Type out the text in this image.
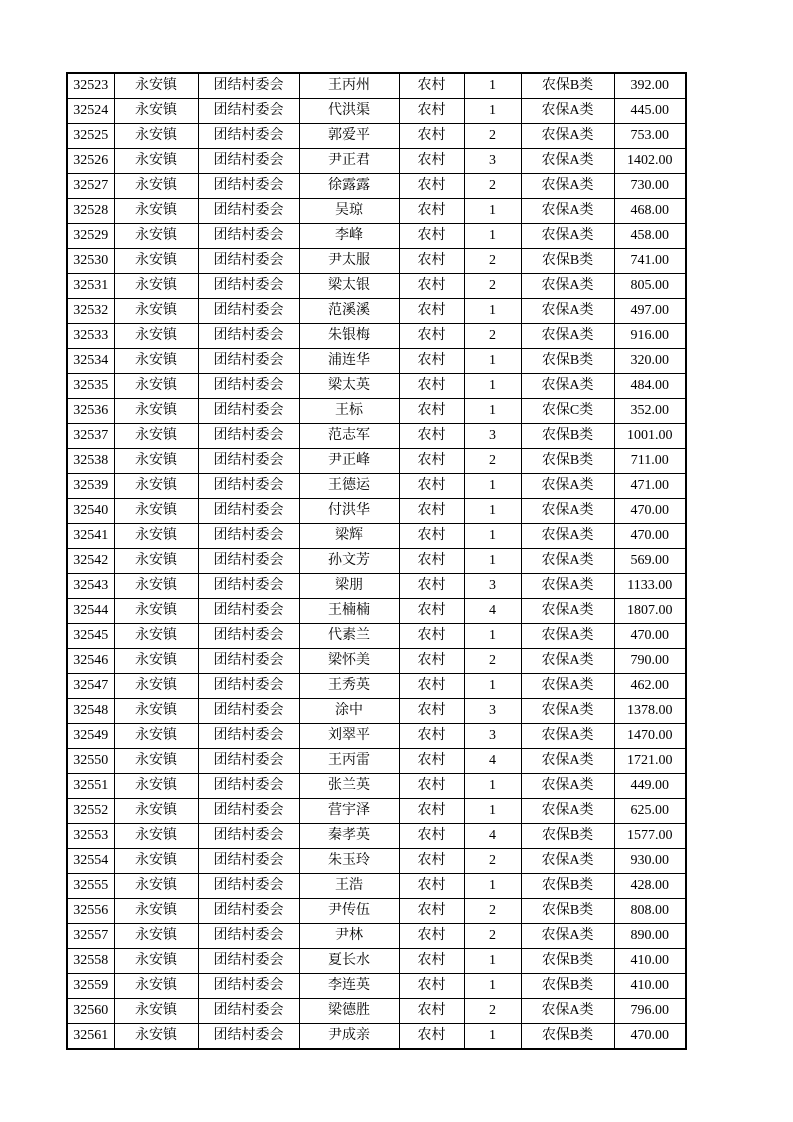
32523	永安镇	团结村委会	王丙州	农村	1	农保B类	392.00
32524	永安镇	团结村委会	代洪渠	农村	1	农保A类	445.00
32525	永安镇	团结村委会	郭爱平	农村	2	农保A类	753.00
32526	永安镇	团结村委会	尹正君	农村	3	农保A类	1402.00
32527	永安镇	团结村委会	徐露露	农村	2	农保A类	730.00
32528	永安镇	团结村委会	吴琼	农村	1	农保A类	468.00
32529	永安镇	团结村委会	李峰	农村	1	农保A类	458.00
32530	永安镇	团结村委会	尹太服	农村	2	农保B类	741.00
32531	永安镇	团结村委会	梁太银	农村	2	农保A类	805.00
32532	永安镇	团结村委会	范溪溪	农村	1	农保A类	497.00
32533	永安镇	团结村委会	朱银梅	农村	2	农保A类	916.00
32534	永安镇	团结村委会	浦连华	农村	1	农保B类	320.00
32535	永安镇	团结村委会	梁太英	农村	1	农保A类	484.00
32536	永安镇	团结村委会	王标	农村	1	农保C类	352.00
32537	永安镇	团结村委会	范志军	农村	3	农保B类	1001.00
32538	永安镇	团结村委会	尹正峰	农村	2	农保B类	711.00
32539	永安镇	团结村委会	王德运	农村	1	农保A类	471.00
32540	永安镇	团结村委会	付洪华	农村	1	农保A类	470.00
32541	永安镇	团结村委会	梁辉	农村	1	农保A类	470.00
32542	永安镇	团结村委会	孙文芳	农村	1	农保A类	569.00
32543	永安镇	团结村委会	梁朋	农村	3	农保A类	1133.00
32544	永安镇	团结村委会	王楠楠	农村	4	农保A类	1807.00
32545	永安镇	团结村委会	代素兰	农村	1	农保A类	470.00
32546	永安镇	团结村委会	梁怀美	农村	2	农保A类	790.00
32547	永安镇	团结村委会	王秀英	农村	1	农保A类	462.00
32548	永安镇	团结村委会	涂中	农村	3	农保A类	1378.00
32549	永安镇	团结村委会	刘翠平	农村	3	农保A类	1470.00
32550	永安镇	团结村委会	王丙雷	农村	4	农保A类	1721.00
32551	永安镇	团结村委会	张兰英	农村	1	农保A类	449.00
32552	永安镇	团结村委会	营宇泽	农村	1	农保A类	625.00
32553	永安镇	团结村委会	秦孝英	农村	4	农保B类	1577.00
32554	永安镇	团结村委会	朱玉玲	农村	2	农保A类	930.00
32555	永安镇	团结村委会	王浩	农村	1	农保B类	428.00
32556	永安镇	团结村委会	尹传伍	农村	2	农保B类	808.00
32557	永安镇	团结村委会	尹林	农村	2	农保A类	890.00
32558	永安镇	团结村委会	夏长水	农村	1	农保B类	410.00
32559	永安镇	团结村委会	李连英	农村	1	农保B类	410.00
32560	永安镇	团结村委会	梁德胜	农村	2	农保A类	796.00
32561	永安镇	团结村委会	尹成亲	农村	1	农保B类	470.00
